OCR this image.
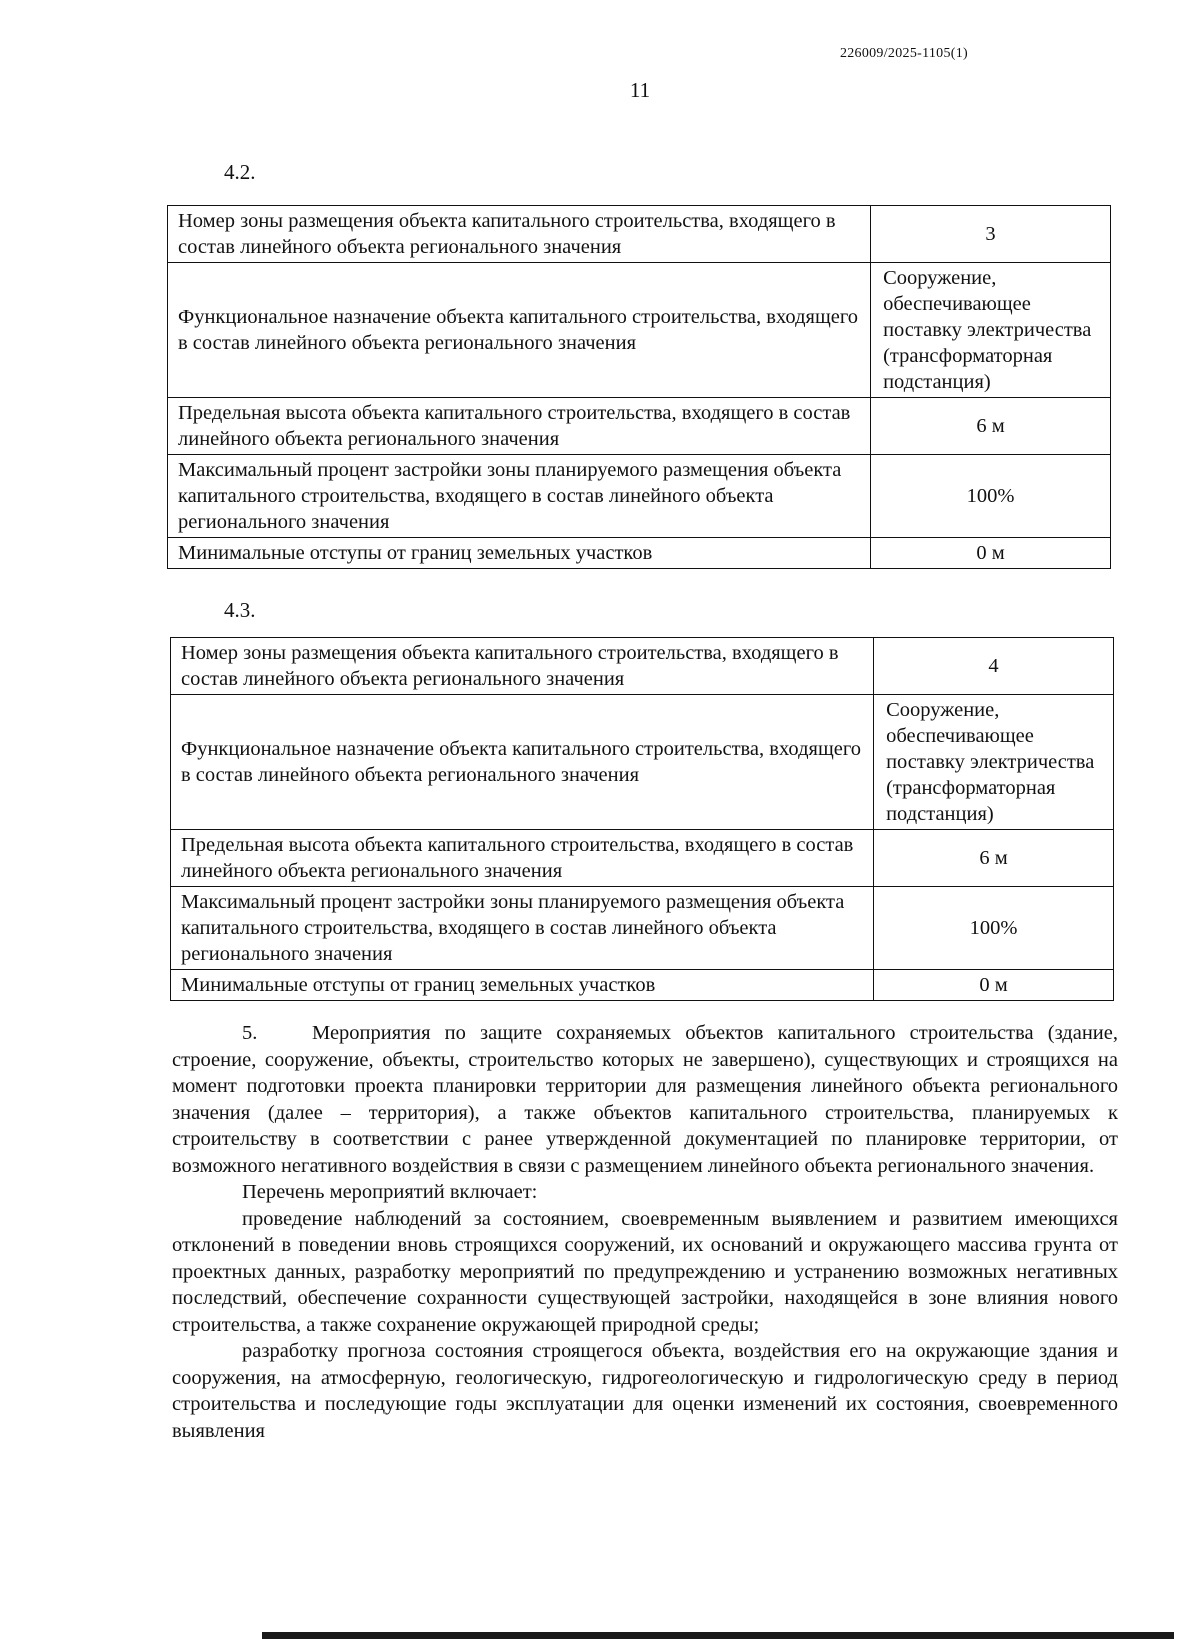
226009/2025-1105(1)
11
4.2.
Номер зоны размещения объекта капитального строительства, входящего в состав линейного объекта регионального значения	3
Функциональное назначение объекта капитального строительства, входящего в состав линейного объекта регионального значения	Сооружение, обеспечивающее поставку электричества (трансформаторная подстанция)
Предельная высота объекта капитального строительства, входящего в состав линейного объекта регионального значения	6 м
Максимальный процент застройки зоны планируемого размещения объекта капитального строительства, входящего в состав линейного объекта регионального значения	100%
Минимальные отступы от границ земельных участков	0 м
4.3.
Номер зоны размещения объекта капитального строительства, входящего в состав линейного объекта регионального значения	4
Функциональное назначение объекта капитального строительства, входящего в состав линейного объекта регионального значения	Сооружение, обеспечивающее поставку электричества (трансформаторная подстанция)
Предельная высота объекта капитального строительства, входящего в состав линейного объекта регионального значения	6 м
Максимальный процент застройки зоны планируемого размещения объекта капитального строительства, входящего в состав линейного объекта регионального значения	100%
Минимальные отступы от границ земельных участков	0 м

5.	Мероприятия по защите сохраняемых объектов капитального строительства (здание, строение, сооружение, объекты, строительство которых не завершено), существующих и строящихся на момент подготовки проекта планировки территории для размещения линейного объекта регионального значения (далее – территория), а также объектов капитального строительства, планируемых к строительству в соответствии с ранее утвержденной документацией по планировке территории, от возможного негативного воздействия в связи с размещением линейного объекта регионального значения.

Перечень мероприятий включает:

проведение наблюдений за состоянием, своевременным выявлением и развитием имеющихся отклонений в поведении вновь строящихся сооружений, их оснований и окружающего массива грунта от проектных данных, разработку мероприятий по предупреждению и устранению возможных негативных последствий, обеспечение сохранности существующей застройки, находящейся в зоне влияния нового строительства, а также сохранение окружающей природной среды;

разработку прогноза состояния строящегося объекта, воздействия его на окружающие здания и сооружения, на атмосферную, геологическую, гидрогеологическую и гидрологическую среду в период строительства и последующие годы эксплуатации для оценки изменений их состояния, своевременного выявления
